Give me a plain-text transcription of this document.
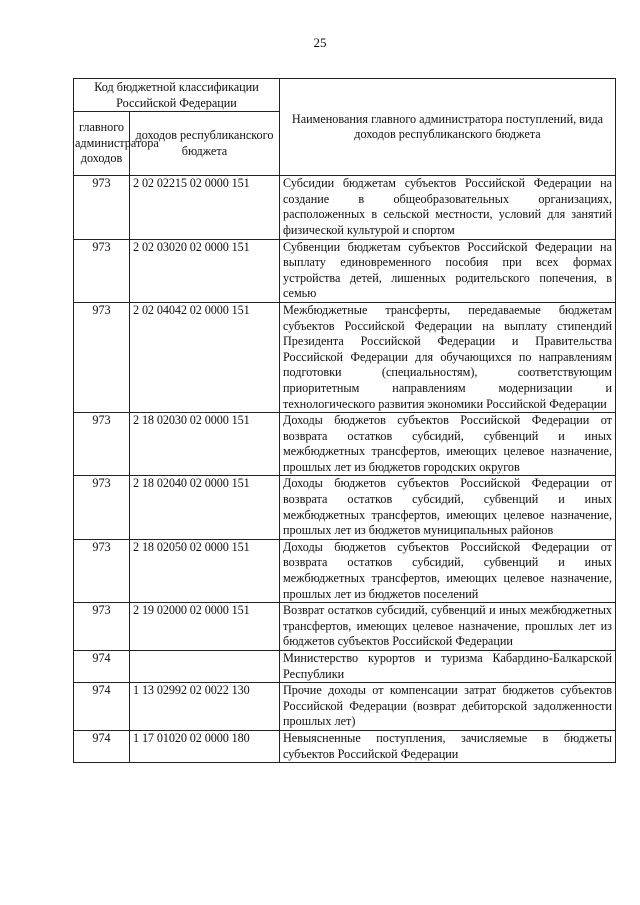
25
Код бюджетной классификации Российской Федерации		Наименования главного администратора поступлений, вида доходов республиканского бюджета
главного администратора доходов	доходов республиканского бюджета	
973	2 02 02215 02 0000 151	Субсидии бюджетам субъектов Российской Федерации на создание в общеобразовательных организациях, расположенных в сельской местности, условий для занятий физической культурой и спортом
973	2 02 03020 02 0000 151	Субвенции бюджетам субъектов Российской Федерации на выплату единовременного пособия при всех формах устройства детей, лишенных родительского попечения, в семью
973	2 02 04042 02 0000 151	Межбюджетные трансферты, передаваемые бюджетам субъектов Российской Федерации на выплату стипендий Президента Российской Федерации и Правительства Российской Федерации для обучающихся по направлениям подготовки (специальностям), соответствующим приоритетным направлениям модернизации и технологического развития экономики Российской Федерации
973	2 18 02030 02 0000 151	Доходы бюджетов субъектов Российской Федерации от возврата остатков субсидий, субвенций и иных межбюджетных трансфертов, имеющих целевое назначение, прошлых лет из бюджетов городских округов
973	2 18 02040 02 0000 151	Доходы бюджетов субъектов Российской Федерации от возврата остатков субсидий, субвенций и иных межбюджетных трансфертов, имеющих целевое назначение, прошлых лет из бюджетов муниципальных районов
973	2 18 02050 02 0000 151	Доходы бюджетов субъектов Российской Федерации от возврата остатков субсидий, субвенций и иных межбюджетных трансфертов, имеющих целевое назначение, прошлых лет из бюджетов поселений
973	2 19 02000 02 0000 151	Возврат остатков субсидий, субвенций и иных межбюджетных трансфертов, имеющих целевое назначение, прошлых лет из бюджетов субъектов Российской Федерации
974		Министерство курортов и туризма Кабардино-Балкарской Республики
974	1 13 02992 02 0022 130	Прочие доходы от компенсации затрат бюджетов субъектов Российской Федерации (возврат дебиторской задолженности прошлых лет)
974	1 17 01020 02 0000 180	Невыясненные поступления, зачисляемые в бюджеты субъектов Российской Федерации
